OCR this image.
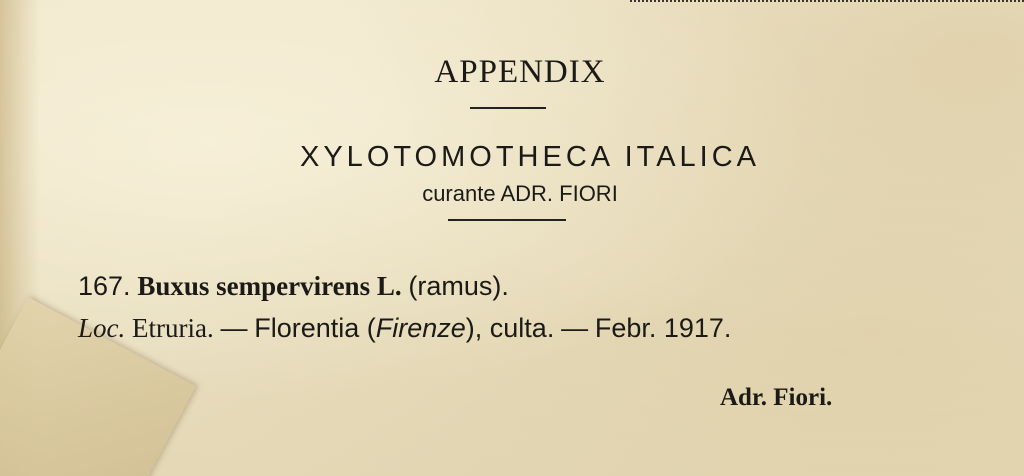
APPENDIX
XYLOTOMOTHECA ITALICA
curante ADR. FIORI
167. Buxus sempervirens L. (ramus).
Loc. Etruria. — Florentia (Firenze), culta. — Febr. 1917.
Adr. Fiori.
